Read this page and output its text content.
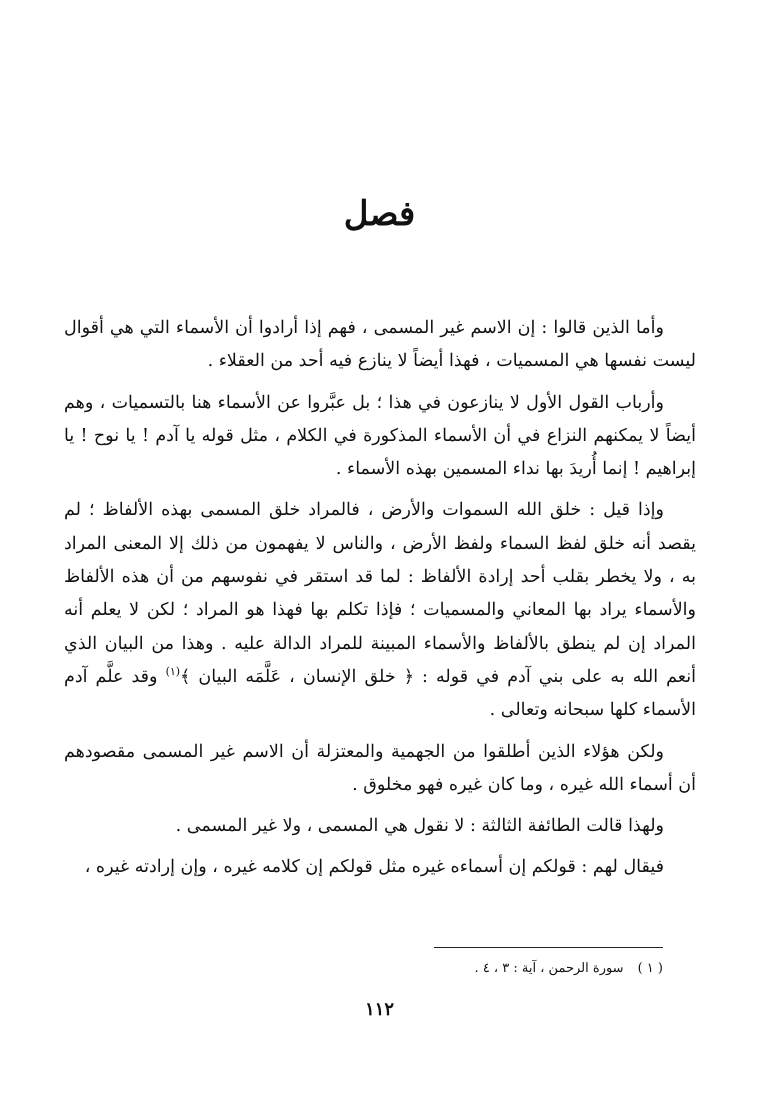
فصل

وأما الذين قالوا : إن الاسم غير المسمى ، فهم إذا أرادوا أن الأسماء التي هي أقوال ليست نفسها هي المسميات ، فهذا أيضاً لا ينازع فيه أحد من العقلاء .

وأرباب القول الأول لا ينازعون في هذا ؛ بل عبَّروا عن الأسماء هنا بالتسميات ، وهم أيضاً لا يمكنهم النزاع في أن الأسماء المذكورة في الكلام ، مثل قوله يا آدم ! يا نوح ! يا إبراهيم ! إنما أُريدَ بها نداء المسمين بهذه الأسماء .

وإذا قيل : خلق الله السموات والأرض ، فالمراد خلق المسمى بهذه الألفاظ ؛ لم يقصد أنه خلق لفظ السماء ولفظ الأرض ، والناس لا يفهمون من ذلك إلا المعنى المراد به ، ولا يخطر بقلب أحد إرادة الألفاظ : لما قد استقر في نفوسهم من أن هذه الألفاظ والأسماء يراد بها المعاني والمسميات ؛ فإذا تكلم بها فهذا هو المراد ؛ لكن لا يعلم أنه المراد إن لم ينطق بالألفاظ والأسماء المبينة للمراد الدالة عليه . وهذا من البيان الذي أنعم الله به على بني آدم في قوله : ﴿ خلق الإنسان ، عَلَّمَه البيان ﴾$^{(١)}$ وقد علَّم آدم الأسماء كلها سبحانه وتعالى .

ولكن هؤلاء الذين أطلقوا من الجهمية والمعتزلة أن الاسم غير المسمى مقصودهم أن أسماء الله غيره ، وما كان غيره فهو مخلوق .

ولهذا قالت الطائفة الثالثة : لا نقول هي المسمى ، ولا غير المسمى .

فيقال لهم : قولكم إن أسماءه غيره مثل قولكم إن كلامه غيره ، وإن إرادته غيره ،

( ١ )سورة الرحمن ، آية : ٣ ، ٤ .
١١٢
